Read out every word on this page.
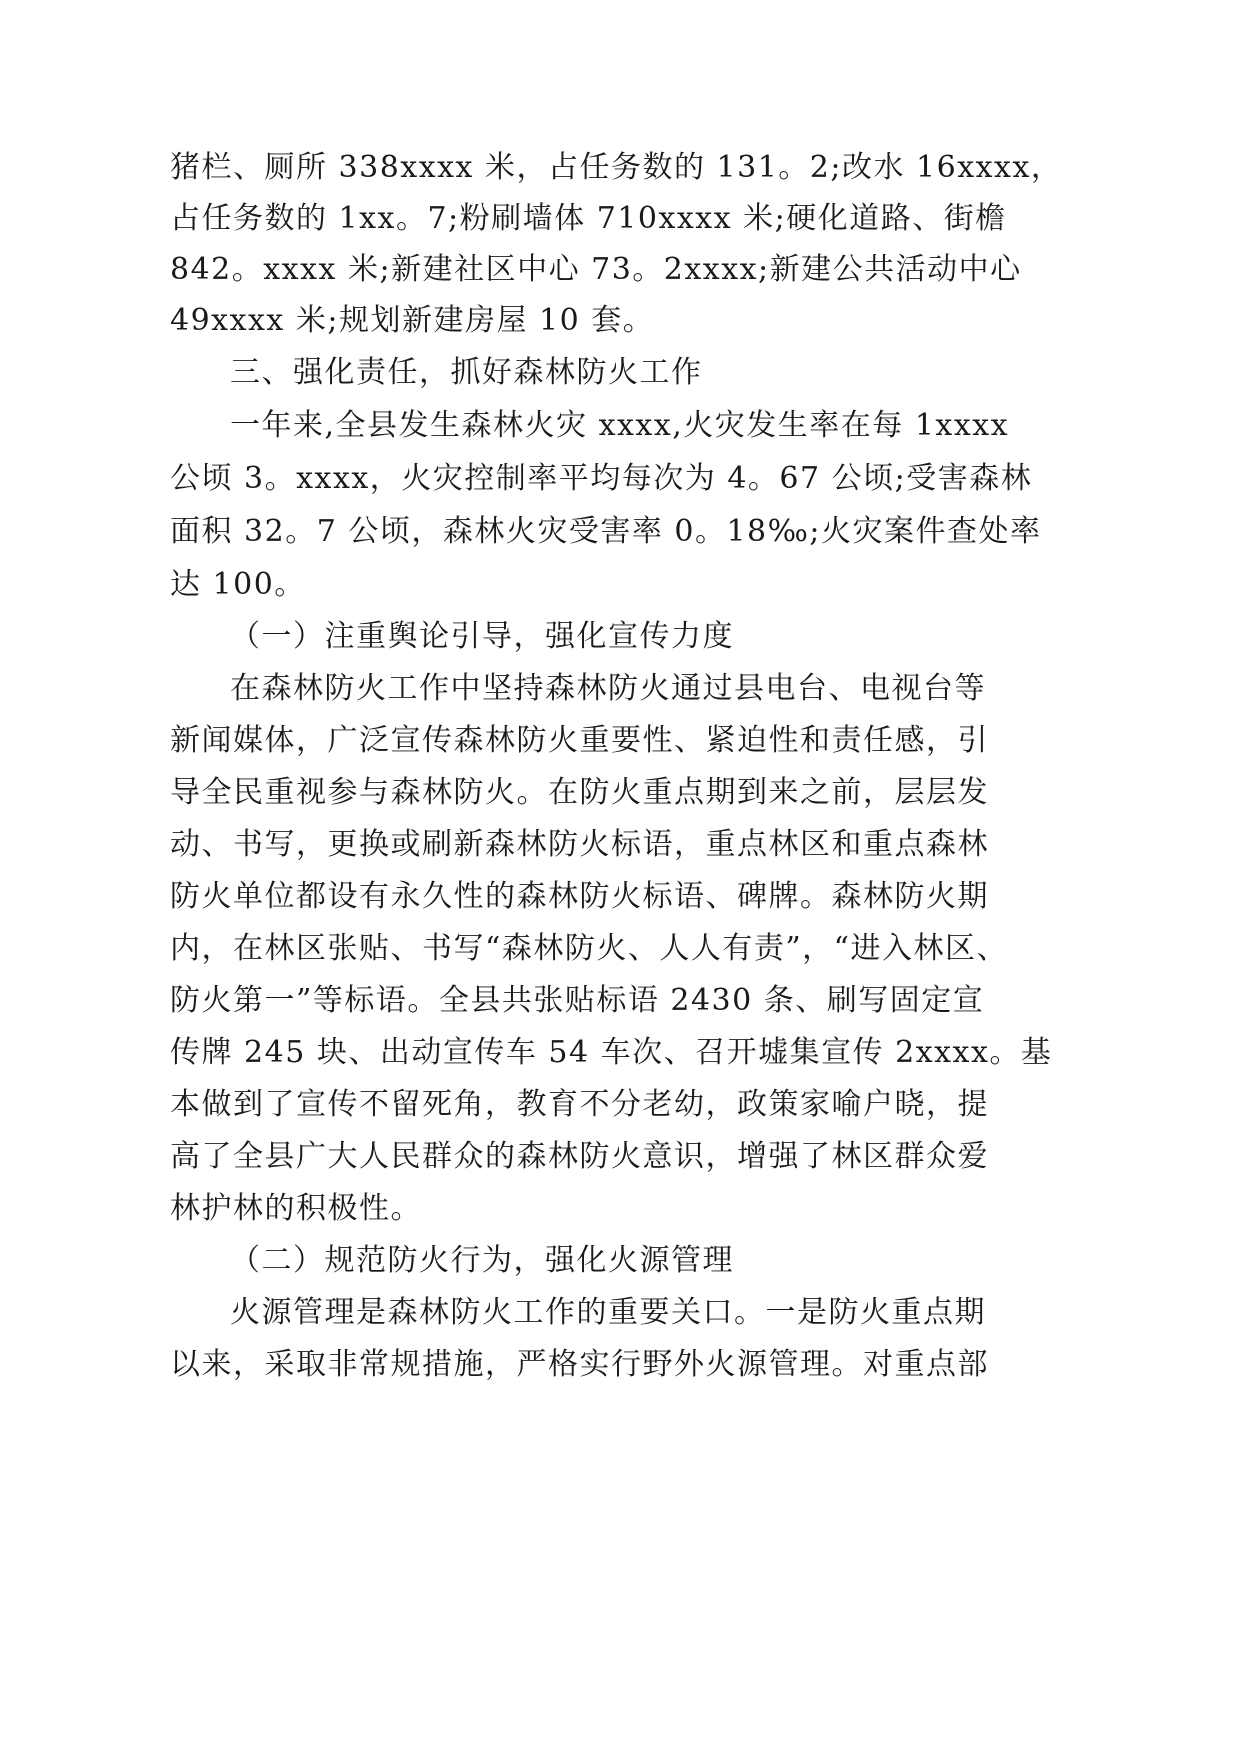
猪栏、厕所 338xxxx 米，占任务数的 131。2;改水 16xxxx，
占任务数的 1xx。7;粉刷墙体 710xxxx 米;硬化道路、街檐
842。xxxx 米;新建社区中心 73。2xxxx;新建公共活动中心
49xxxx 米;规划新建房屋 10 套。
三、强化责任，抓好森林防火工作
一年来,全县发生森林火灾 xxxx,火灾发生率在每 1xxxx
公顷 3。xxxx，火灾控制率平均每次为 4。67 公顷;受害森林
面积 32。7 公顷，森林火灾受害率 0。18‰;火灾案件查处率
达 100。
（一）注重舆论引导，强化宣传力度
在森林防火工作中坚持森林防火通过县电台、电视台等
新闻媒体，广泛宣传森林防火重要性、紧迫性和责任感，引
导全民重视参与森林防火。在防火重点期到来之前，层层发
动、书写，更换或刷新森林防火标语，重点林区和重点森林
防火单位都设有永久性的森林防火标语、碑牌。森林防火期
内，在林区张贴、书写“森林防火、人人有责”，“进入林区、
防火第一”等标语。全县共张贴标语 2430 条、刷写固定宣
传牌 245 块、出动宣传车 54 车次、召开墟集宣传 2xxxx。基
本做到了宣传不留死角，教育不分老幼，政策家喻户晓，提
高了全县广大人民群众的森林防火意识，增强了林区群众爱
林护林的积极性。
（二）规范防火行为，强化火源管理
火源管理是森林防火工作的重要关口。一是防火重点期
以来，采取非常规措施，严格实行野外火源管理。对重点部
